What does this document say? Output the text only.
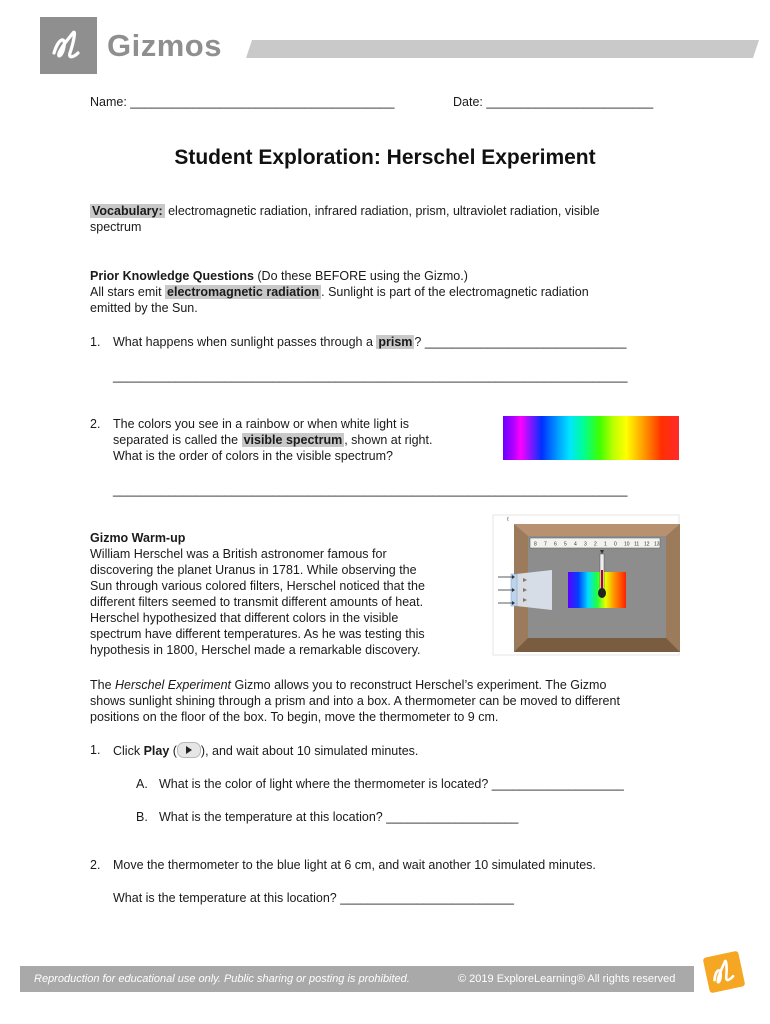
Gizmos
Name: ______________________________________	Date: ________________________
Student Exploration: Herschel Experiment
Vocabulary: electromagnetic radiation, infrared radiation, prism, ultraviolet radiation, visible
spectrum
Prior Knowledge Questions (Do these BEFORE using the Gizmo.)
All stars emit electromagnetic radiation . Sunlight is part of the electromagnetic radiation
emitted by the Sun.
1. What happens when sunlight passes through a prism ? _____________________________
__________________________________________________________________________
2. The colors you see in a rainbow or when white light is
separated is called the visible spectrum , shown at right.
What is the order of colors in the visible spectrum?
__________________________________________________________________________
Gizmo Warm-up
William Herschel was a British astronomer famous for
discovering the planet Uranus in 1781. While observing the
Sun through various colored filters, Herschel noticed that the
different filters seemed to transmit different amounts of heat.
Herschel hypothesized that different colors in the visible
spectrum have different temperatures. As he was testing this
hypothesis in 1800, Herschel made a remarkable discovery.
ℓ
8 7 6 5 4 3 2 1 0 10 11 12 13
The Herschel Experiment Gizmo allows you to reconstruct Herschel’s experiment. The Gizmo
shows sunlight shining through a prism and into a box. A thermometer can be moved to different
positions on the floor of the box. To begin, move the thermometer to 9 cm.
1. Click Play ( ), and wait about 10 simulated minutes.
A. What is the color of light where the thermometer is located? ___________________
B. What is the temperature at this location? ___________________
2. Move the thermometer to the blue light at 6 cm, and wait another 10 simulated minutes.
What is the temperature at this location? _________________________
Reproduction for educational use only. Public sharing or posting is prohibited.	© 2019 ExploreLearning® All rights reserved
